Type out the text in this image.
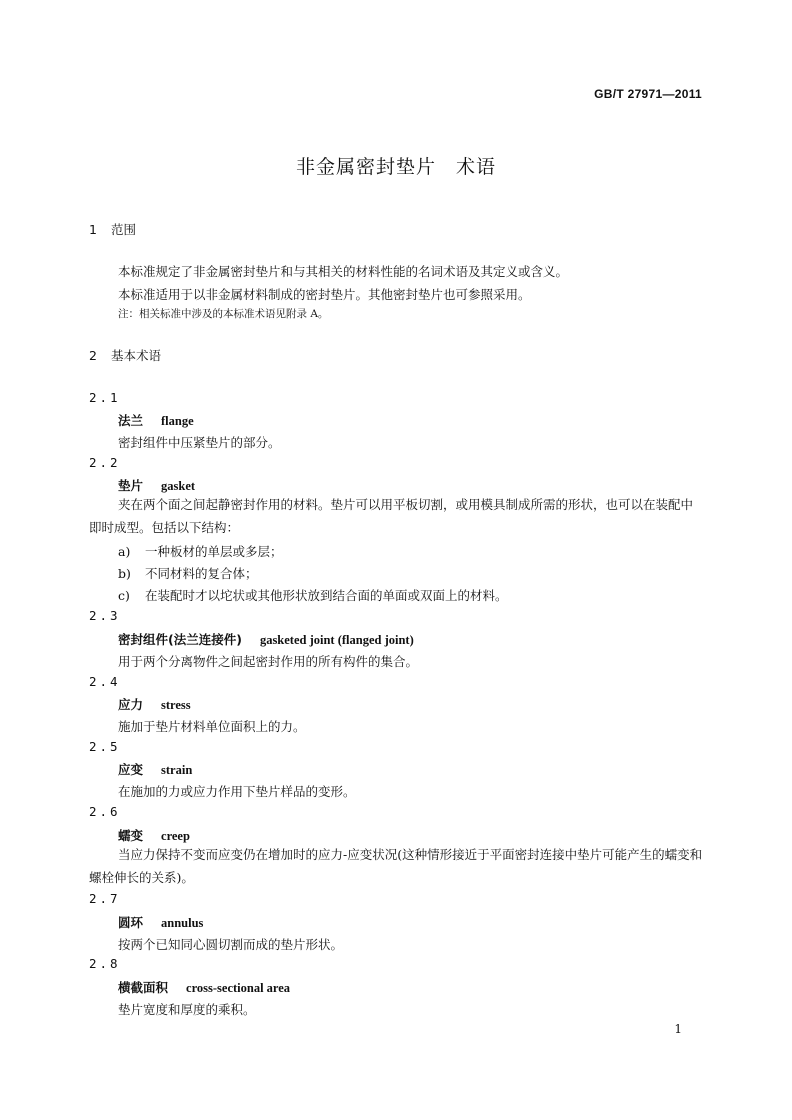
GB/T 27971—2011
非金属密封垫片　术语
1 范围
本标准规定了非金属密封垫片和与其相关的材料性能的名词术语及其定义或含义。
本标准适用于以非金属材料制成的密封垫片。其他密封垫片也可参照采用。
注：相关标准中涉及的本标准术语见附录 A。
2 基本术语
2.1
法兰 flange
密封组件中压紧垫片的部分。
2.2
垫片 gasket
夹在两个面之间起静密封作用的材料。垫片可以用平板切割，或用模具制成所需的形状，也可以在装配中即时成型。包括以下结构：
a) 一种板材的单层或多层；
b) 不同材料的复合体；
c) 在装配时才以坨状或其他形状放到结合面的单面或双面上的材料。
2.3
密封组件(法兰连接件) gasketed joint (flanged joint)
用于两个分离物件之间起密封作用的所有构件的集合。
2.4
应力 stress
施加于垫片材料单位面积上的力。
2.5
应变 strain
在施加的力或应力作用下垫片样品的变形。
2.6
蠕变 creep
当应力保持不变而应变仍在增加时的应力-应变状况(这种情形接近于平面密封连接中垫片可能产生的蠕变和螺栓伸长的关系)。
2.7
圆环 annulus
按两个已知同心圆切割而成的垫片形状。
2.8
横截面积 cross-sectional area
垫片宽度和厚度的乘积。
1
